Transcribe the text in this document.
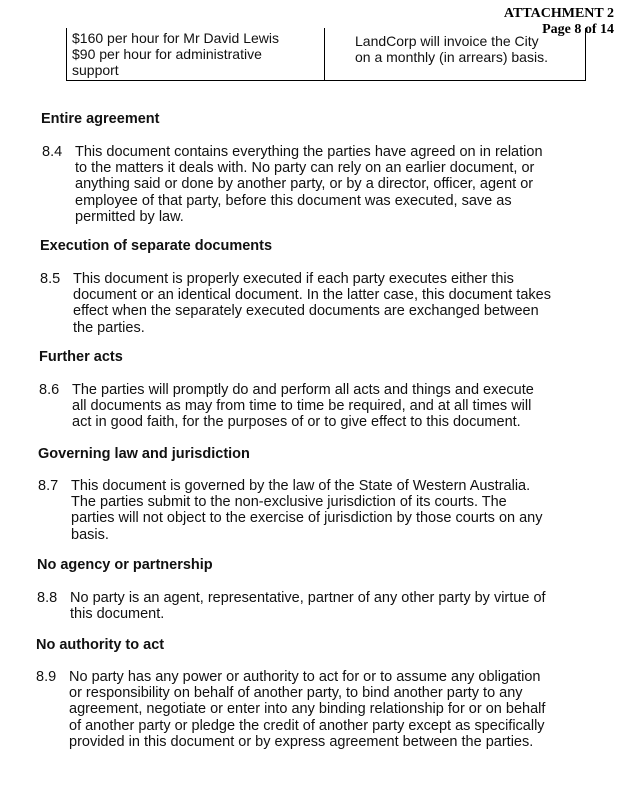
ATTACHMENT 2
Page 8 of 14
$160 per hour for Mr David Lewis
$90 per hour for administrative
support

LandCorp will invoice the City
on a monthly (in arrears) basis.
Entire agreement
8.4 This document contains everything the parties have agreed on in relation
to the matters it deals with. No party can rely on an earlier document, or
anything said or done by another party, or by a director, officer, agent or
employee of that party, before this document was executed, save as
permitted by law.
Execution of separate documents
8.5 This document is properly executed if each party executes either this
document or an identical document. In the latter case, this document takes
effect when the separately executed documents are exchanged between
the parties.
Further acts
8.6 The parties will promptly do and perform all acts and things and execute
all documents as may from time to time be required, and at all times will
act in good faith, for the purposes of or to give effect to this document.
Governing law and jurisdiction
8.7 This document is governed by the law of the State of Western Australia.
The parties submit to the non-exclusive jurisdiction of its courts. The
parties will not object to the exercise of jurisdiction by those courts on any
basis.
No agency or partnership
8.8 No party is an agent, representative, partner of any other party by virtue of
this document.
No authority to act
8.9 No party has any power or authority to act for or to assume any obligation
or responsibility on behalf of another party, to bind another party to any
agreement, negotiate or enter into any binding relationship for or on behalf
of another party or pledge the credit of another party except as specifically
provided in this document or by express agreement between the parties.
